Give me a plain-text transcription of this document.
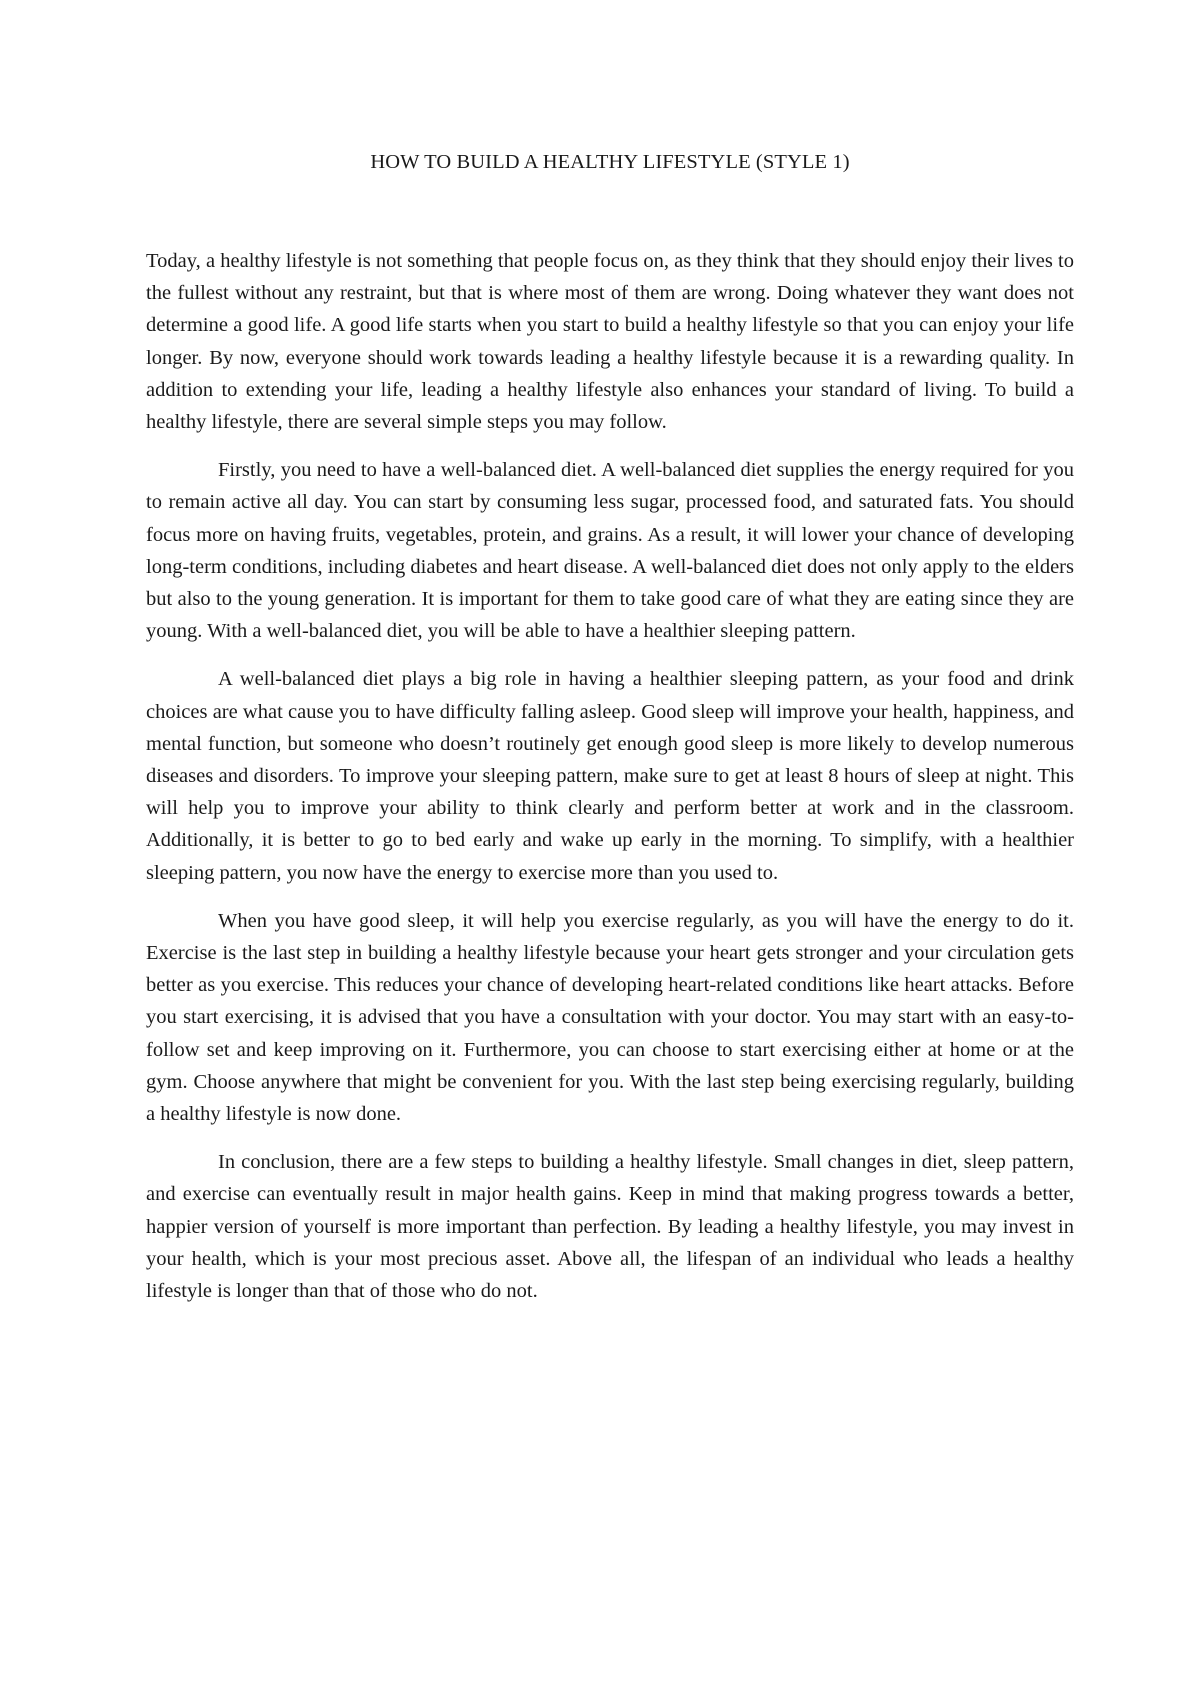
HOW TO BUILD A HEALTHY LIFESTYLE (STYLE 1)

Today, a healthy lifestyle is not something that people focus on, as they think that they should enjoy their lives to the fullest without any restraint, but that is where most of them are wrong. Doing whatever they want does not determine a good life. A good life starts when you start to build a healthy lifestyle so that you can enjoy your life longer. By now, everyone should work towards leading a healthy lifestyle because it is a rewarding quality. In addition to extending your life, leading a healthy lifestyle also enhances your standard of living. To build a healthy lifestyle, there are several simple steps you may follow.

Firstly, you need to have a well-balanced diet. A well-balanced diet supplies the energy required for you to remain active all day. You can start by consuming less sugar, processed food, and saturated fats. You should focus more on having fruits, vegetables, protein, and grains. As a result, it will lower your chance of developing long-term conditions, including diabetes and heart disease. A well-balanced diet does not only apply to the elders but also to the young generation. It is important for them to take good care of what they are eating since they are young. With a well-balanced diet, you will be able to have a healthier sleeping pattern.

A well-balanced diet plays a big role in having a healthier sleeping pattern, as your food and drink choices are what cause you to have difficulty falling asleep. Good sleep will improve your health, happiness, and mental function, but someone who doesn’t routinely get enough good sleep is more likely to develop numerous diseases and disorders. To improve your sleeping pattern, make sure to get at least 8 hours of sleep at night. This will help you to improve your ability to think clearly and perform better at work and in the classroom. Additionally, it is better to go to bed early and wake up early in the morning. To simplify, with a healthier sleeping pattern, you now have the energy to exercise more than you used to.

When you have good sleep, it will help you exercise regularly, as you will have the energy to do it. Exercise is the last step in building a healthy lifestyle because your heart gets stronger and your circulation gets better as you exercise. This reduces your chance of developing heart-related conditions like heart attacks. Before you start exercising, it is advised that you have a consultation with your doctor. You may start with an easy-to-follow set and keep improving on it. Furthermore, you can choose to start exercising either at home or at the gym. Choose anywhere that might be convenient for you. With the last step being exercising regularly, building a healthy lifestyle is now done.

In conclusion, there are a few steps to building a healthy lifestyle. Small changes in diet, sleep pattern, and exercise can eventually result in major health gains. Keep in mind that making progress towards a better, happier version of yourself is more important than perfection. By leading a healthy lifestyle, you may invest in your health, which is your most precious asset. Above all, the lifespan of an individual who leads a healthy lifestyle is longer than that of those who do not.
